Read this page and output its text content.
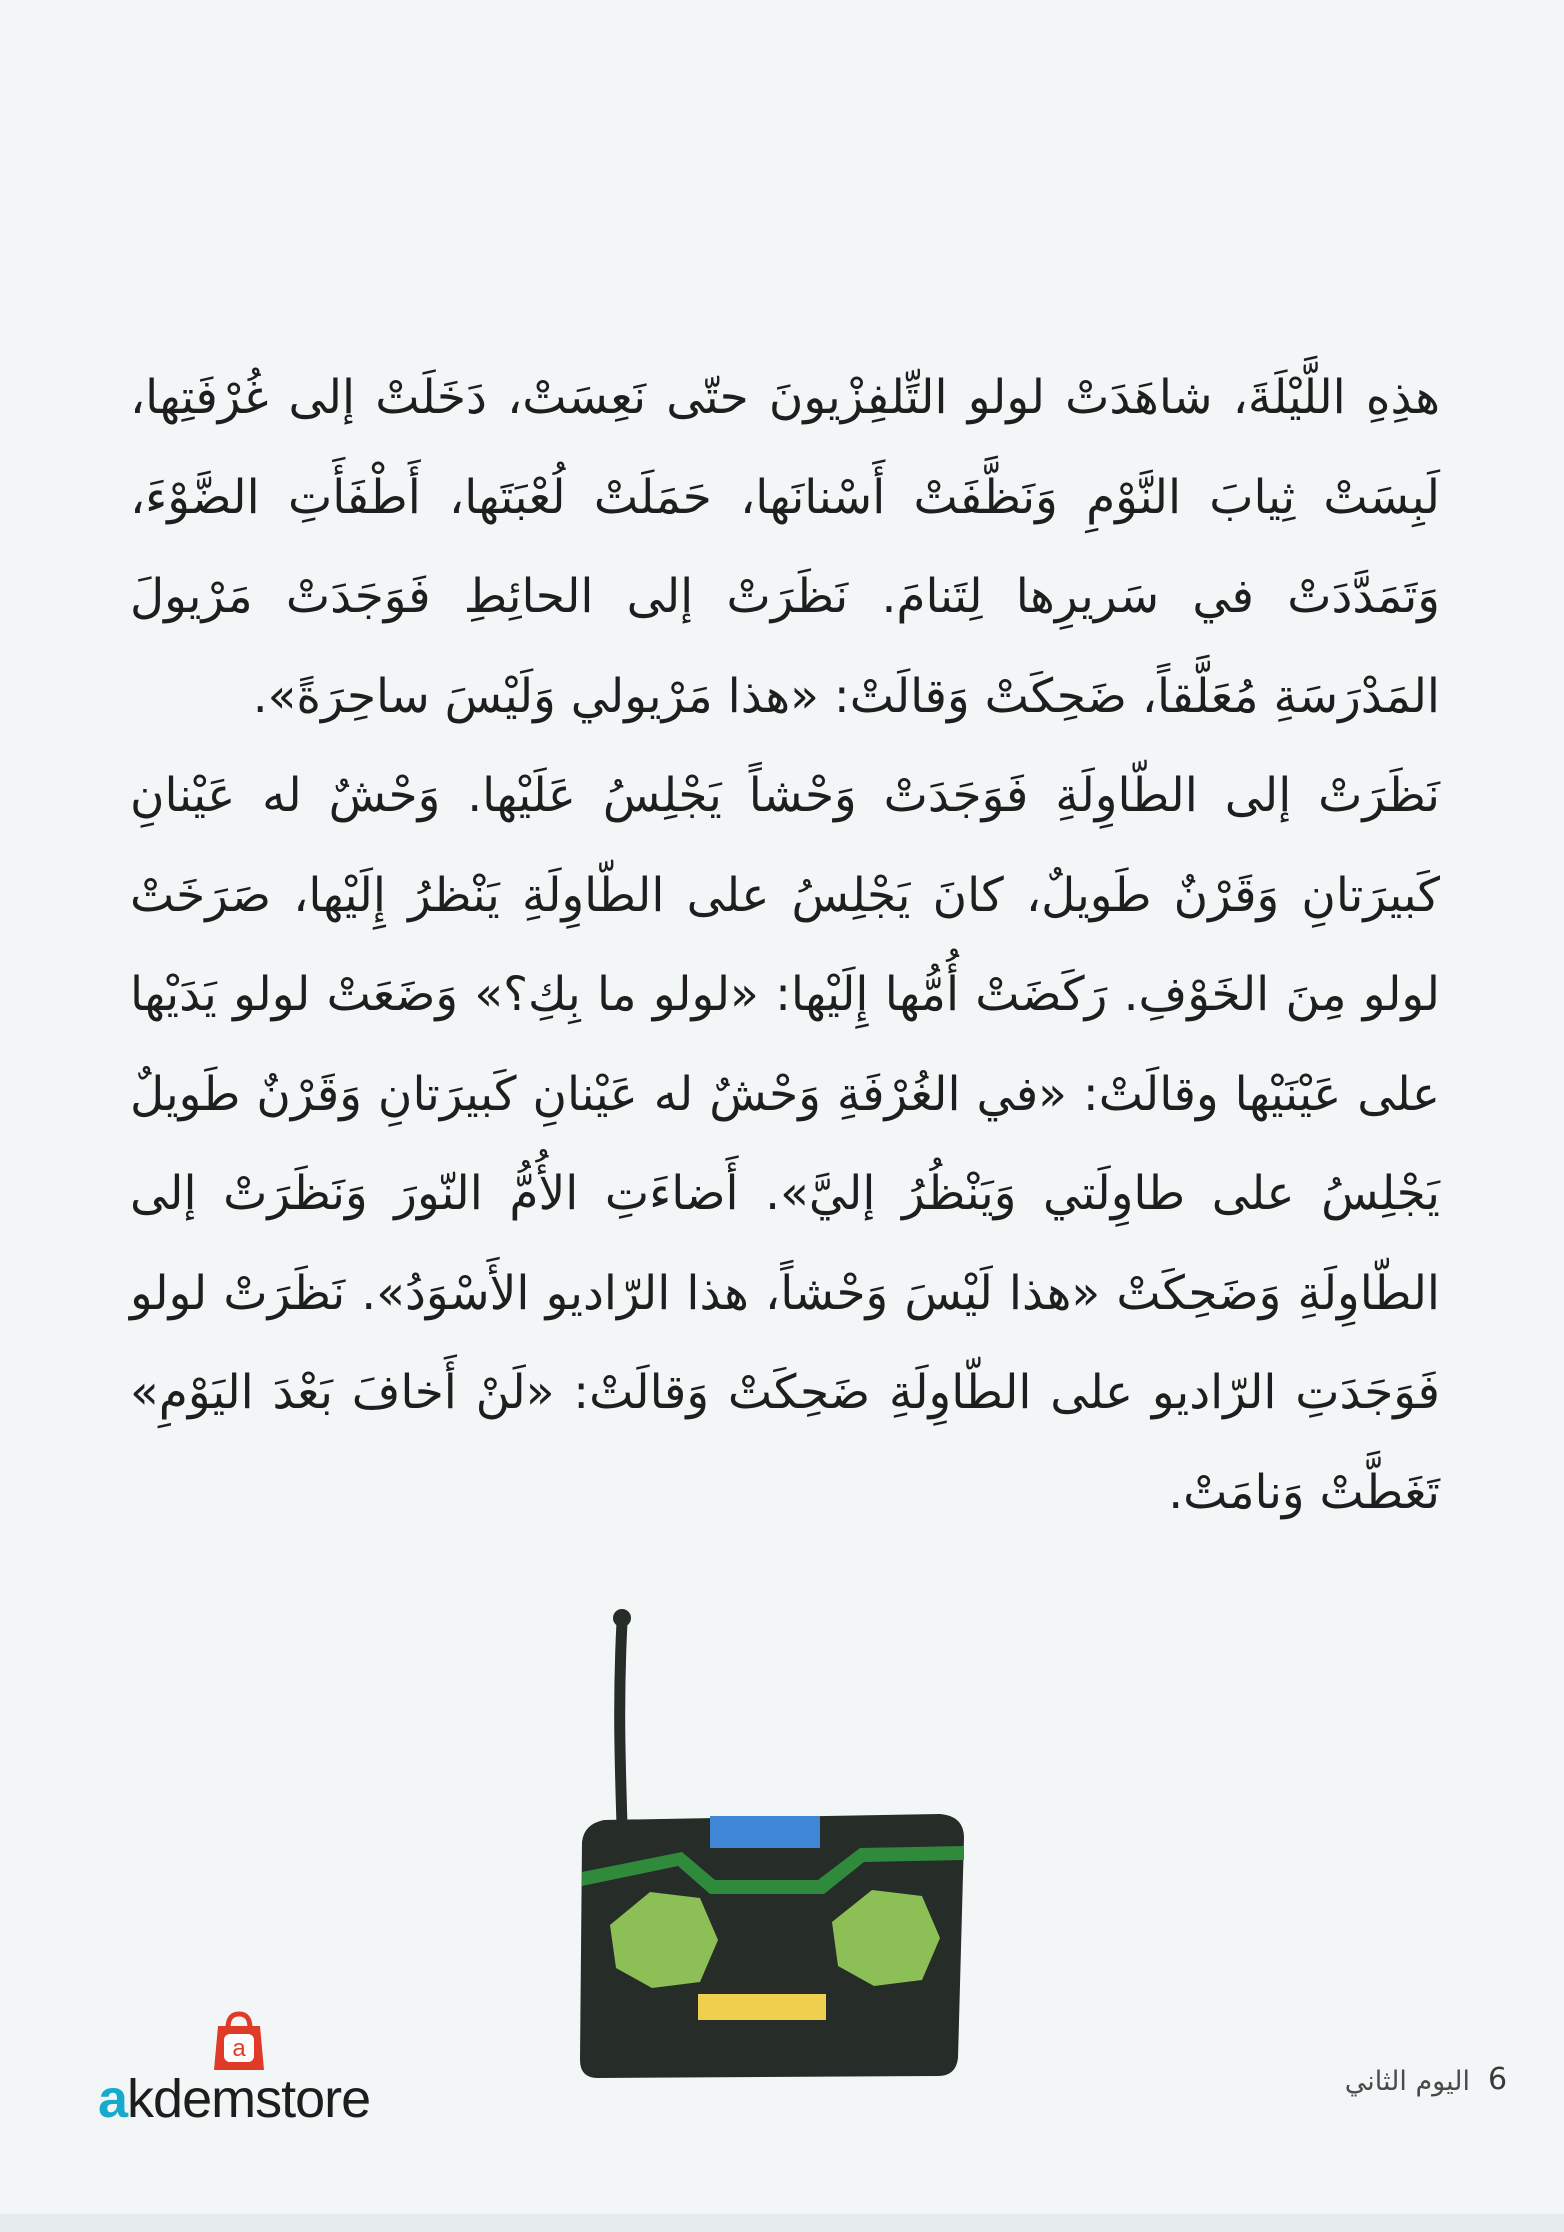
هذِهِ اللَّيْلَةَ، شاهَدَتْ لولو التِّلفِزْيونَ حتّى نَعِسَتْ، دَخَلَتْ إلى غُرْفَتِها، لَبِسَتْ ثِيابَ النَّوْمِ وَنَظَّفَتْ أَسْنانَها، حَمَلَتْ لُعْبَتَها، أَطْفَأَتِ الضَّوْءَ، وَتَمَدَّدَتْ في سَريرِها لِتَنامَ. نَظَرَتْ إلى الحائِطِ فَوَجَدَتْ مَرْيولَ المَدْرَسَةِ مُعَلَّقاً، ضَحِكَتْ وَقالَتْ: «هذا مَرْيولي وَلَيْسَ ساحِرَةً».

نَظَرَتْ إلى الطّاوِلَةِ فَوَجَدَتْ وَحْشاً يَجْلِسُ عَلَيْها. وَحْشٌ له عَيْنانِ كَبيرَتانِ وَقَرْنٌ طَويلٌ، كانَ يَجْلِسُ على الطّاوِلَةِ يَنْظرُ إِلَيْها، صَرَخَتْ لولو مِنَ الخَوْفِ. رَكَضَتْ أُمُّها إِلَيْها: «لولو ما بِكِ؟» وَضَعَتْ لولو يَدَيْها على عَيْنَيْها وقالَتْ: «في الغُرْفَةِ وَحْشٌ له عَيْنانِ كَبيرَتانِ وَقَرْنٌ طَويلٌ يَجْلِسُ على طاوِلَتي وَيَنْظُرُ إليَّ». أَضاءَتِ الأُمُّ النّورَ وَنَظَرَتْ إلى الطّاوِلَةِ وَضَحِكَتْ «هذا لَيْسَ وَحْشاً، هذا الرّاديو الأَسْوَدُ». نَظَرَتْ لولو فَوَجَدَتِ الرّاديو على الطّاوِلَةِ ضَحِكَتْ وَقالَتْ: «لَنْ أَخافَ بَعْدَ اليَوْمِ» تَغَطَّتْ وَنامَتْ.

a
akdemstore	اليوم الثاني 6
